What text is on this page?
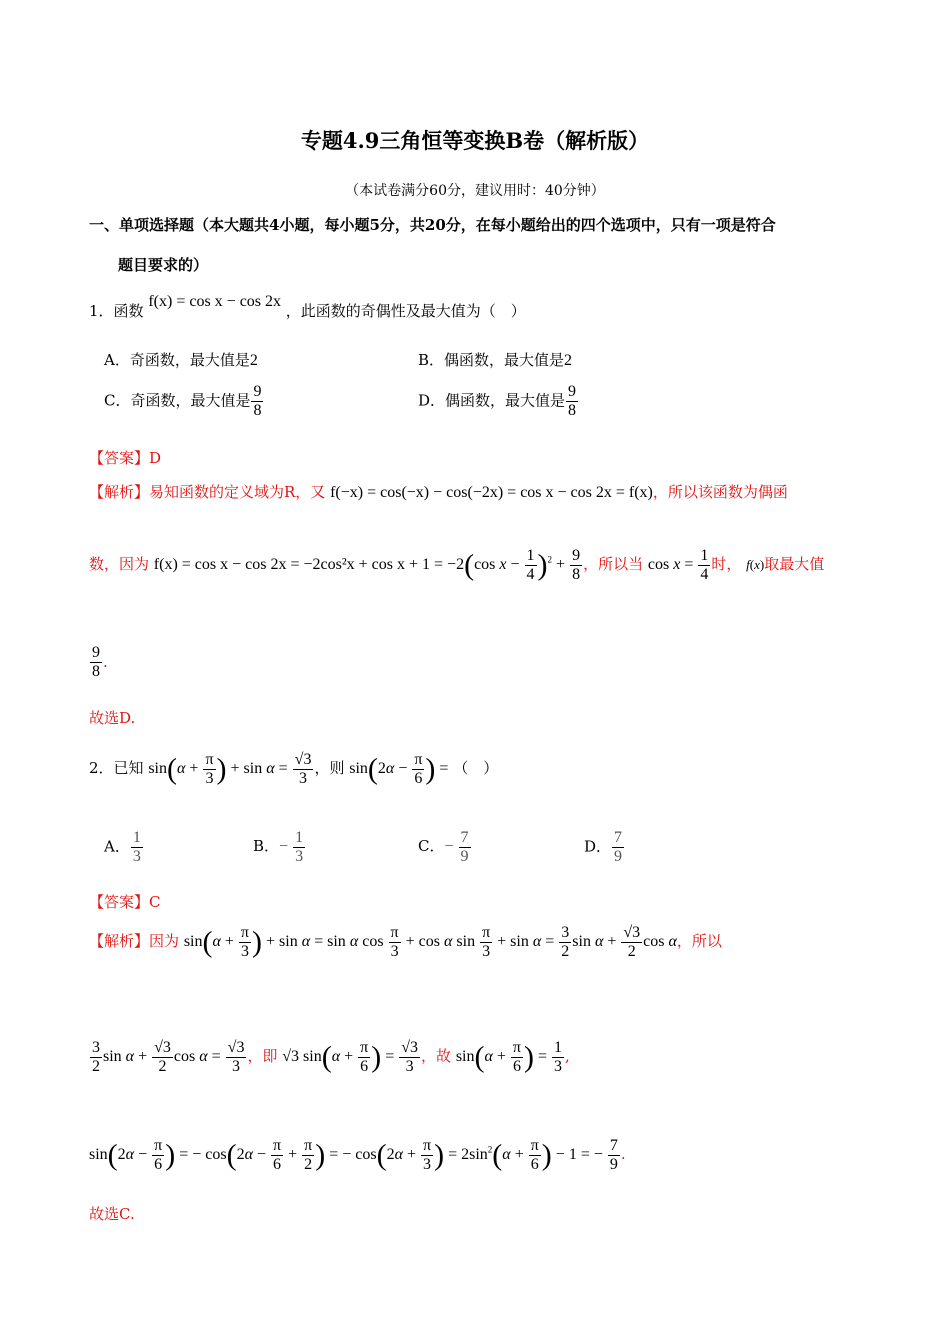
专题4.9三角恒等变换B卷（解析版）
（本试卷满分60分，建议用时：40分钟）
一、单项选择题（本大题共4小题，每小题5分，共20分，在每小题给出的四个选项中，只有一项是符合
题目要求的）
1．函数 f(x) = cos x − cos 2x ，此函数的奇偶性及最大值为（　）
A．奇函数，最大值是2	B．偶函数，最大值是2
C．奇函数，最大值是 $\frac{9}{8}$	D．偶函数，最大值是 $\frac{9}{8}$
【答案】D
【解析】易知函数的定义域为R，又 f(−x) = cos(−x) − cos(−2x) = cos x − cos 2x = f(x)，所以该函数为偶函
数，因为 f(x) = cos x − cos 2x = −2cos²x + cos x + 1 = −2(cos $x - \frac{1}{4} )^2 + \frac{9}{8}$ ，所以当 $\cos x = \frac{1}{4}$ 时， f(x)取最大值
$\frac{9}{8}$ .
故选D.
2．已知 $\sin(\alpha + \frac{\pi}{3}$ ) + $\sin \alpha = \frac{√3}{3}$ ，则 $\sin(2\alpha - \frac{\pi}{6}$ ) = （　）
A． $\frac{1}{3}$	B．− $\frac{1}{3}$	C．− $\frac{7}{9}$	D． $\frac{7}{9}$
【答案】C
【解析】因为 $\sin(\alpha + \frac{\pi}{3}$ ) + sin α = sin α $\cos \frac{\pi}{3} + \cos \alpha$ $\sin \frac{\pi}{3} + \sin \alpha = \frac{3}{2}$ $\sin \alpha + \frac{√3}{2}$ cos α，所以
$\frac{3}{2}$ $\sin \alpha + \frac{√3}{2}$ $\cos \alpha = \frac{√3}{3}$ ，即 √3 $\sin(\alpha + \frac{\pi}{6}$ ) = $\frac{√3}{3}$ ，故 $\sin(\alpha + \frac{\pi}{6}$ ) = $\frac{1}{3}$ ,
$\sin(2\alpha - \frac{\pi}{6}$ ) = − $\cos(2\alpha - \frac{\pi}{6} + \frac{\pi}{2}$ ) = − $\cos(2\alpha + \frac{\pi}{3}$ ) = $2\sin^2(\alpha + \frac{\pi}{6}$ ) − 1 = − $\frac{7}{9}$ .
故选C.
